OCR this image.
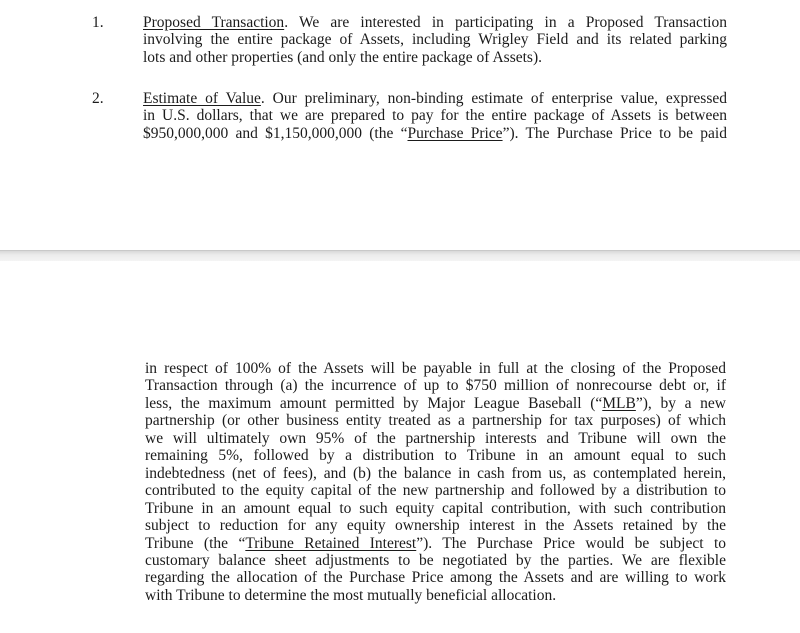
1.	Proposed Transaction. We are interested in participating in a Proposed Transaction
involving the entire package of Assets, including Wrigley Field and its related parking
lots and other properties (and only the entire package of Assets).
2.	Estimate of Value. Our preliminary, non-binding estimate of enterprise value, expressed
in U.S. dollars, that we are prepared to pay for the entire package of Assets is between
$950,000,000 and $1,150,000,000 (the “Purchase Price”). The Purchase Price to be paid
in respect of 100% of the Assets will be payable in full at the closing of the Proposed
Transaction through (a) the incurrence of up to $750 million of nonrecourse debt or, if
less, the maximum amount permitted by Major League Baseball (“MLB”), by a new
partnership (or other business entity treated as a partnership for tax purposes) of which
we will ultimately own 95% of the partnership interests and Tribune will own the
remaining 5%, followed by a distribution to Tribune in an amount equal to such
indebtedness (net of fees), and (b) the balance in cash from us, as contemplated herein,
contributed to the equity capital of the new partnership and followed by a distribution to
Tribune in an amount equal to such equity capital contribution, with such contribution
subject to reduction for any equity ownership interest in the Assets retained by the
Tribune (the “Tribune Retained Interest”). The Purchase Price would be subject to
customary balance sheet adjustments to be negotiated by the parties. We are flexible
regarding the allocation of the Purchase Price among the Assets and are willing to work
with Tribune to determine the most mutually beneficial allocation.
